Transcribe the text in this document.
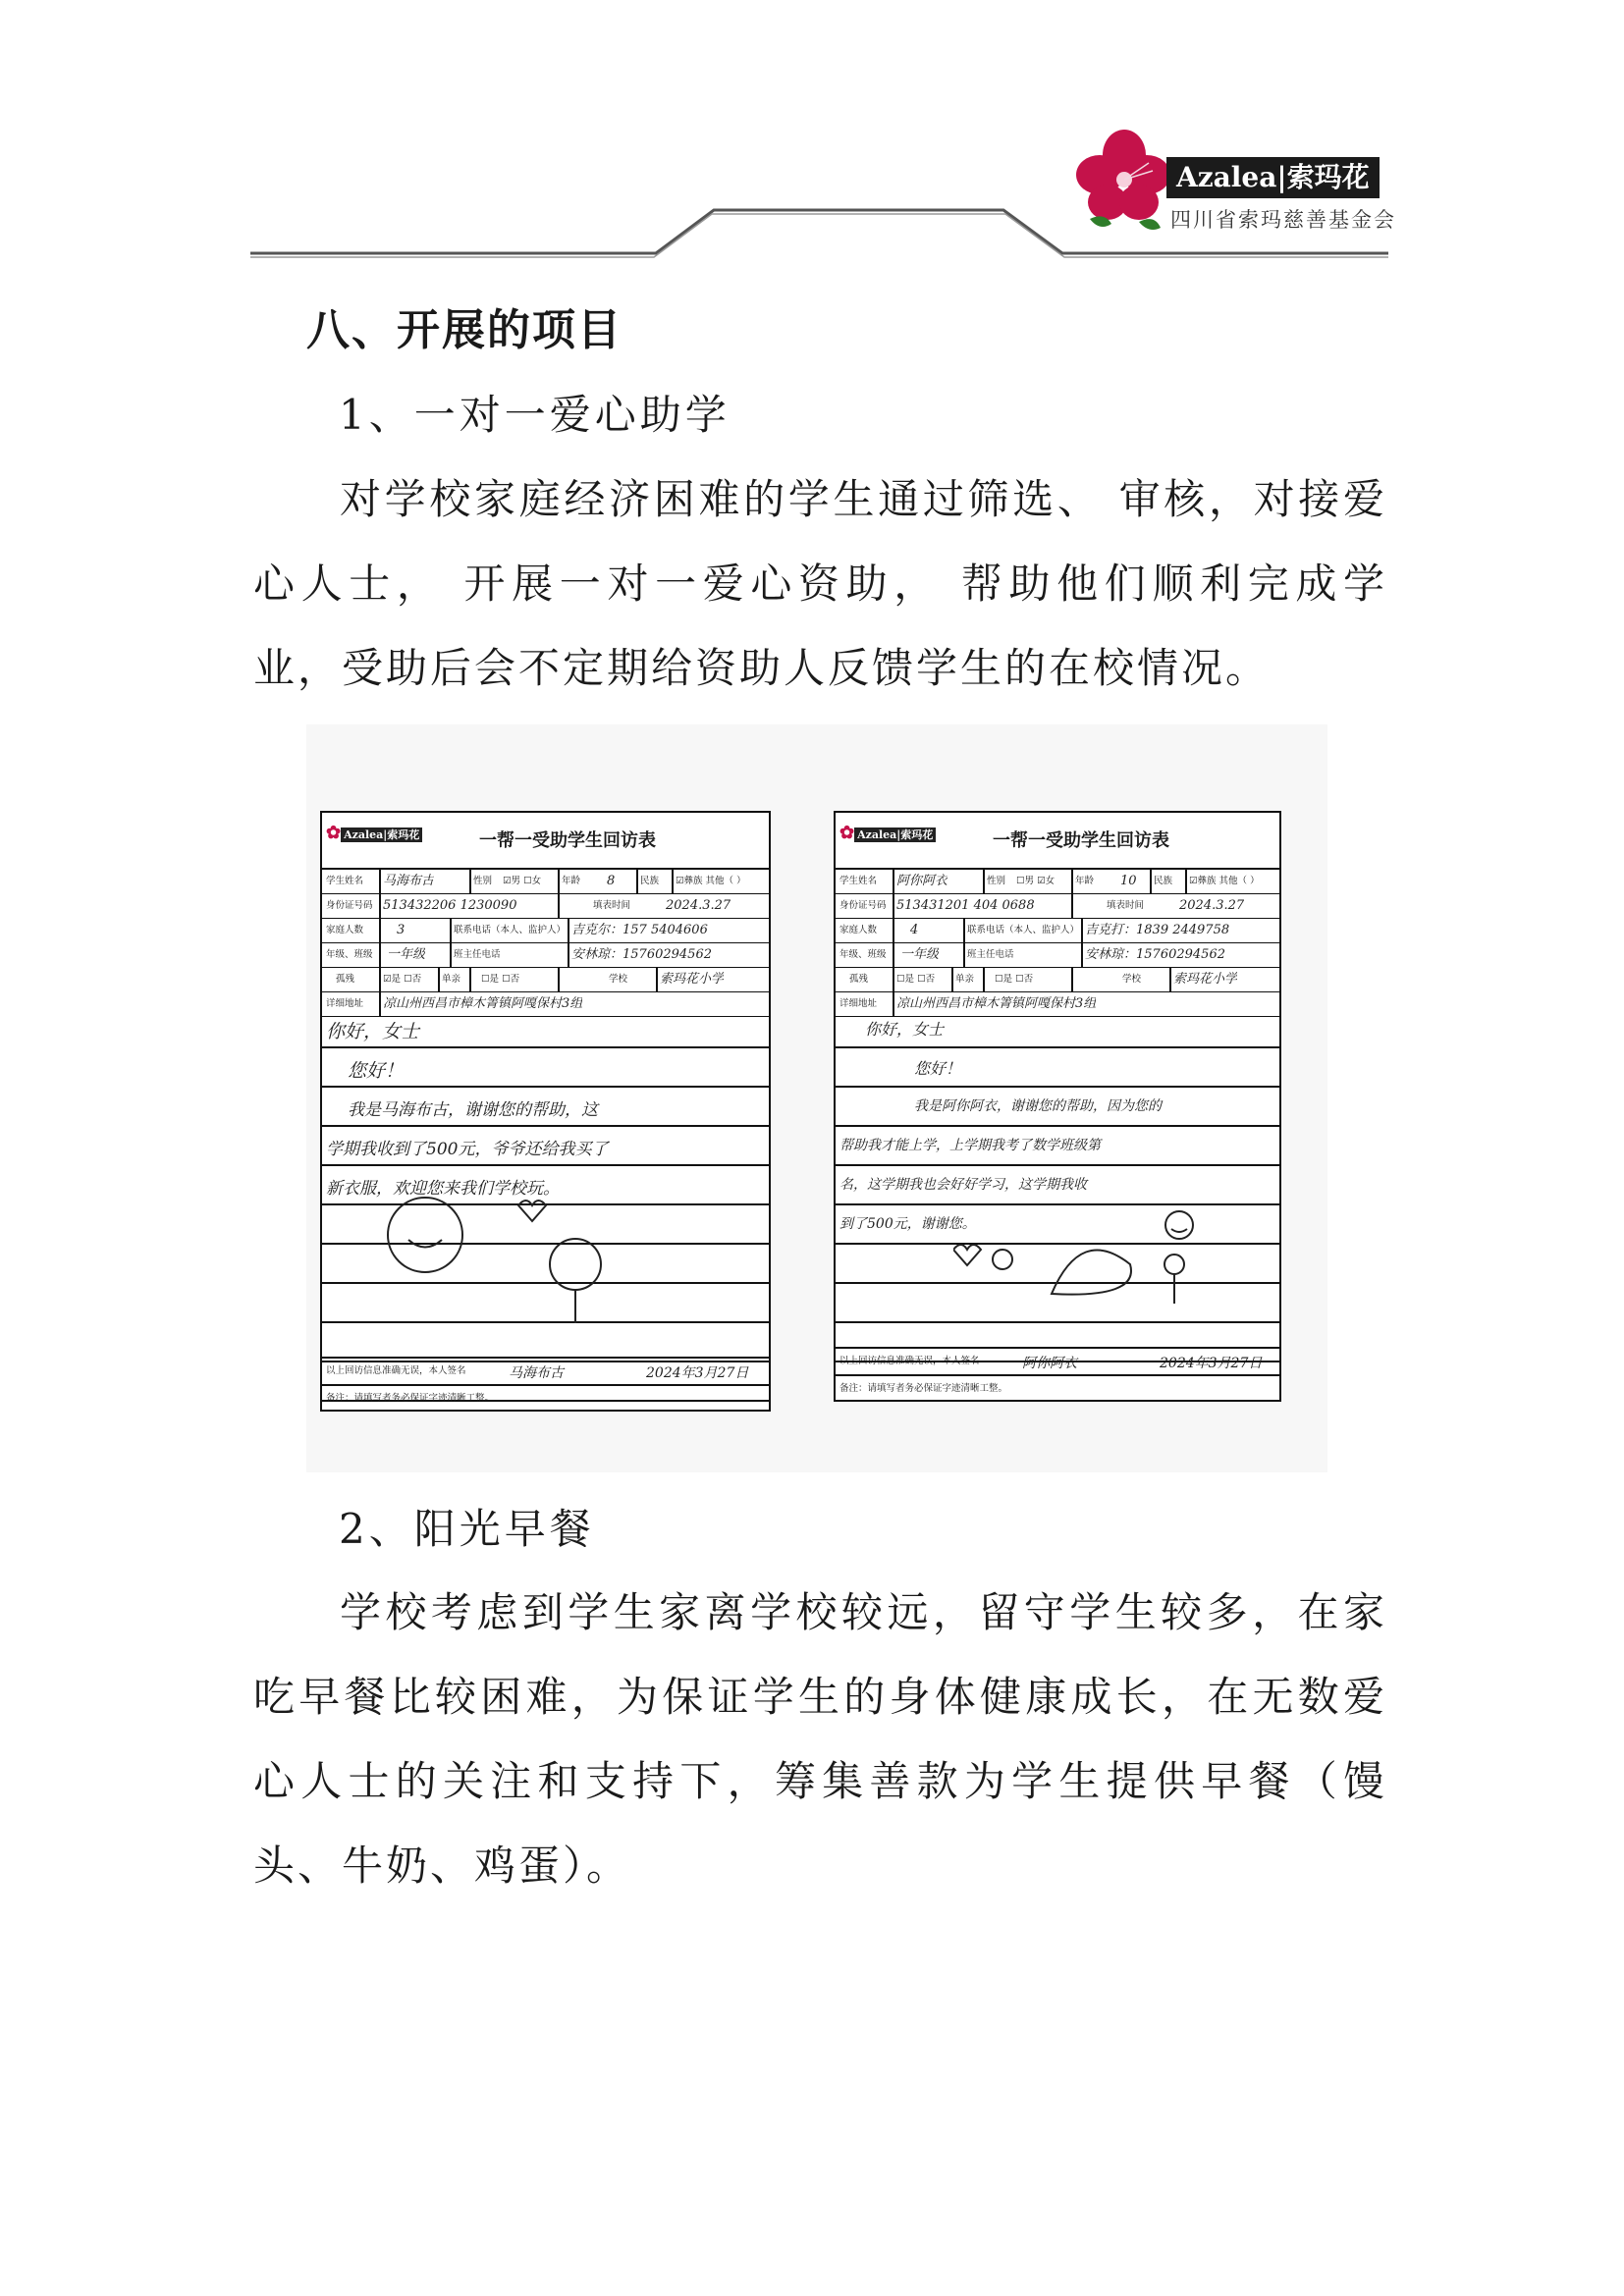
Azalea|索玛花
四川省索玛慈善基金会
八、开展的项目
1、一对一爱心助学

对学校家庭经济困难的学生通过筛选、 审核，对接爱心人士， 开展一对一爱心资助， 帮助他们顺利完成学业，受助后会不定期给资助人反馈学生的在校情况。

✿ Azalea|索玛花	一帮一受助学生回访表
学生姓名 马海布古	性别 ☑男 ☐女 年龄 8	民族 ☑彝族 其他（ ）
身份证号码 513432206 1230090	填表时间	2024.3.27
家庭人数	3	联系电话（本人、监护人） 吉克尔：157 5404606
年级、班级 一年级	班主任电话	安林琼：15760294562
孤残	☑是 ☐否 单亲 ☐是 ☐否	学校	索玛花小学
详细地址 凉山州西昌市樟木箐镇阿嘎保村3组
你好，女士
您好！
我是马海布古，谢谢您的帮助，这
学期我收到了500元，爷爷还给我买了
新衣服，欢迎您来我们学校玩。
以上回访信息准确无误，本人签名	马海布古	2024年3月27日
备注：请填写者务必保证字迹清晰工整。
✿ Azalea|索玛花	一帮一受助学生回访表
学生姓名 阿你阿衣	性别 ☐男 ☑女 年龄 10 民族 ☑彝族 其他（ ）
身份证号码 513431201 404 0688	填表时间	2024.3.27
家庭人数	4	联系电话（本人、监护人） 吉克打：1839 2449758
年级、班级 一年级	班主任电话	安林琼：15760294562
孤残	☐是 ☐否 单亲 ☐是 ☐否	学校	索玛花小学
详细地址 凉山州西昌市樟木箐镇阿嘎保村3组
你好，女士
您好！
我是阿你阿衣，谢谢您的帮助，因为您的
帮助我才能上学，上学期我考了数学班级第
名，这学期我也会好好学习，这学期我收
到了500元，谢谢您。
以上回访信息准确无误，本人签名	阿你阿衣	2024年3月27日
备注：请填写者务必保证字迹清晰工整。
2、阳光早餐

学校考虑到学生家离学校较远，留守学生较多，在家吃早餐比较困难，为保证学生的身体健康成长，在无数爱心人士的关注和支持下，筹集善款为学生提供早餐（馒头、牛奶、鸡蛋）。
